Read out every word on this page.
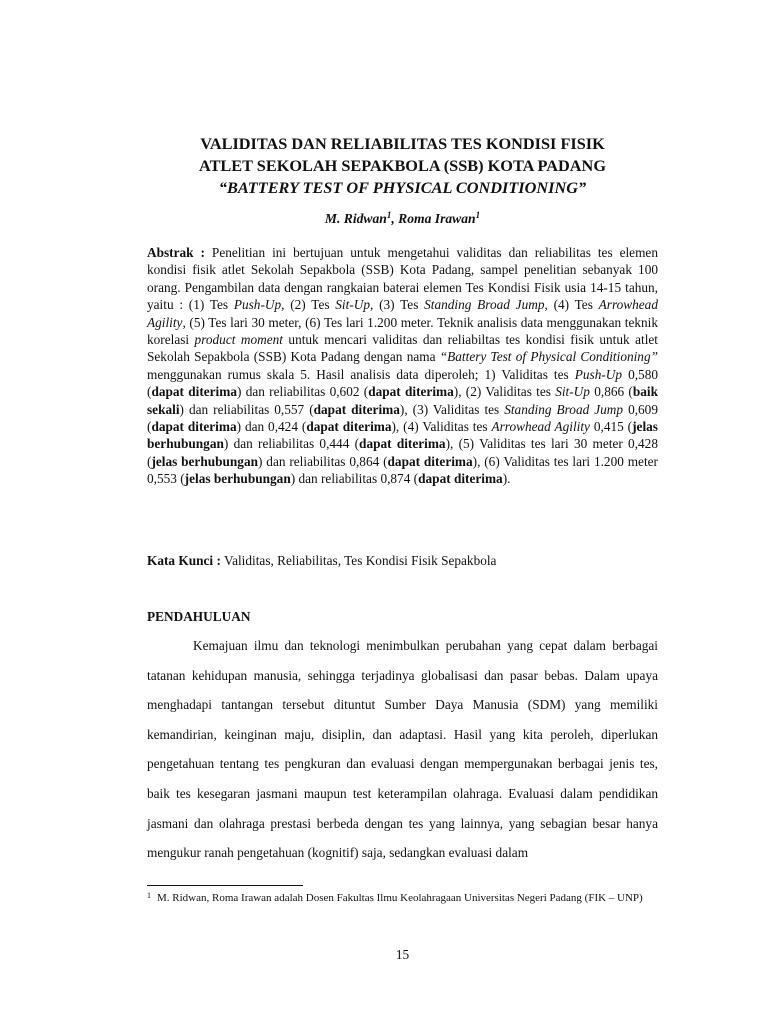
VALIDITAS DAN RELIABILITAS TES KONDISI FISIK
ATLET SEKOLAH SEPAKBOLA (SSB) KOTA PADANG
“BATTERY TEST OF PHYSICAL CONDITIONING”

M. Ridwan$^1$, Roma Irawan$^1$

Abstrak : Penelitian ini bertujuan untuk mengetahui validitas dan reliabilitas tes elemen kondisi fisik atlet Sekolah Sepakbola (SSB) Kota Padang, sampel penelitian sebanyak 100 orang. Pengambilan data dengan rangkaian baterai elemen Tes Kondisi Fisik usia 14-15 tahun, yaitu : (1) Tes Push-Up, (2) Tes Sit-Up, (3) Tes Standing Broad Jump, (4) Tes Arrowhead Agility, (5) Tes lari 30 meter, (6) Tes lari 1.200 meter. Teknik analisis data menggunakan teknik korelasi product moment untuk mencari validitas dan reliabiltas tes kondisi fisik untuk atlet Sekolah Sepakbola (SSB) Kota Padang dengan nama “Battery Test of Physical Conditioning” menggunakan rumus skala 5. Hasil analisis data diperoleh; 1) Validitas tes Push-Up 0,580 (dapat diterima) dan reliabilitas 0,602 (dapat diterima), (2) Validitas tes Sit-Up 0,866 (baik sekali) dan reliabilitas 0,557 (dapat diterima), (3) Validitas tes Standing Broad Jump 0,609 (dapat diterima) dan 0,424 (dapat diterima), (4) Validitas tes Arrowhead Agility 0,415 (jelas berhubungan) dan reliabilitas 0,444 (dapat diterima), (5) Validitas tes lari 30 meter 0,428 (jelas berhubungan) dan reliabilitas 0,864 (dapat diterima), (6) Validitas tes lari 1.200 meter 0,553 (jelas berhubungan) dan reliabilitas 0,874 (dapat diterima).

Kata Kunci : Validitas, Reliabilitas, Tes Kondisi Fisik Sepakbola

PENDAHULUAN

Kemajuan ilmu dan teknologi menimbulkan perubahan yang cepat dalam berbagai tatanan kehidupan manusia, sehingga terjadinya globalisasi dan pasar bebas. Dalam upaya menghadapi tantangan tersebut dituntut Sumber Daya Manusia (SDM) yang memiliki kemandirian, keinginan maju, disiplin, dan adaptasi. Hasil yang kita peroleh, diperlukan pengetahuan tentang tes pengkuran dan evaluasi dengan mempergunakan berbagai jenis tes, baik tes kesegaran jasmani maupun test keterampilan olahraga. Evaluasi dalam pendidikan jasmani dan olahraga prestasi berbeda dengan tes yang lainnya, yang sebagian besar hanya mengukur ranah pengetahuan (kognitif) saja, sedangkan evaluasi dalam

1 M. Ridwan, Roma Irawan adalah Dosen Fakultas Ilmu Keolahragaan Universitas Negeri Padang (FIK – UNP)

15
